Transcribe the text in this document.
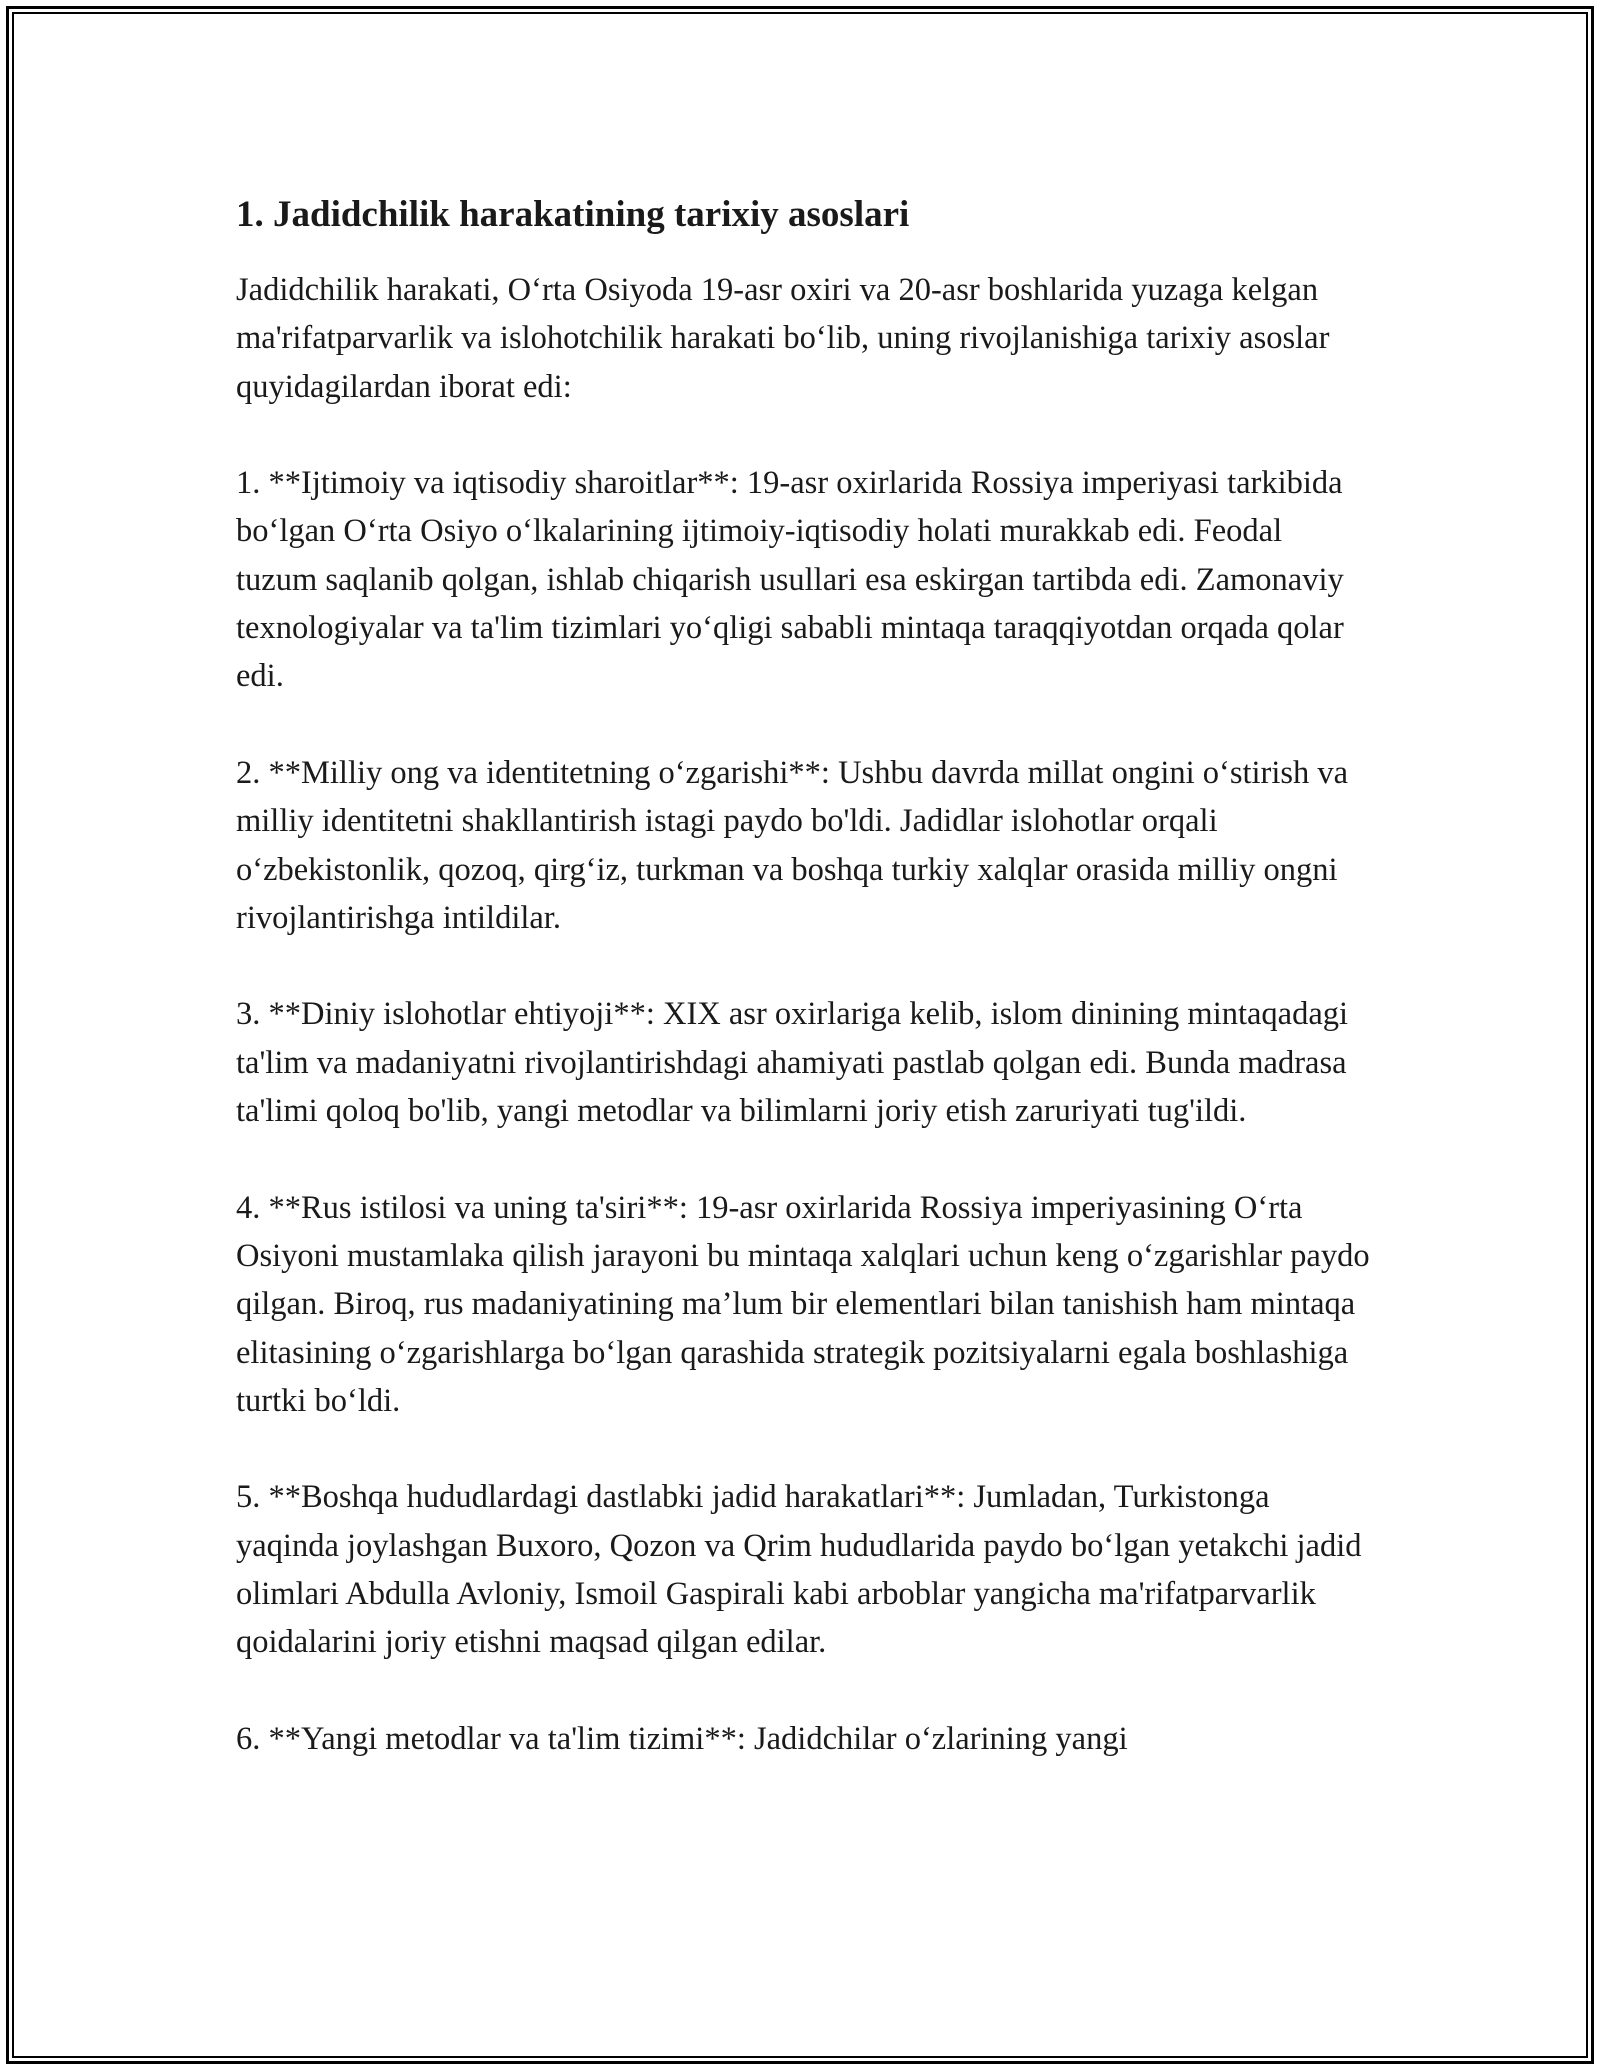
1. Jadidchilik harakatining tarixiy asoslari

Jadidchilik harakati, O‘rta Osiyoda 19-asr oxiri va 20-asr boshlarida yuzaga kelgan ma'rifatparvarlik va islohotchilik harakati bo‘lib, uning rivojlanishiga tarixiy asoslar quyidagilardan iborat edi:

1. **Ijtimoiy va iqtisodiy sharoitlar**: 19-asr oxirlarida Rossiya imperiyasi tarkibida bo‘lgan O‘rta Osiyo o‘lkalarining ijtimoiy-iqtisodiy holati murakkab edi. Feodal tuzum saqlanib qolgan, ishlab chiqarish usullari esa eskirgan tartibda edi. Zamonaviy texnologiyalar va ta'lim tizimlari yo‘qligi sababli mintaqa taraqqiyotdan orqada qolar edi.

2. **Milliy ong va identitetning o‘zgarishi**: Ushbu davrda millat ongini o‘stirish va milliy identitetni shakllantirish istagi paydo bo'ldi. Jadidlar islohotlar orqali o‘zbekistonlik, qozoq, qirg‘iz, turkman va boshqa turkiy xalqlar orasida milliy ongni rivojlantirishga intildilar.

3. **Diniy islohotlar ehtiyoji**: XIX asr oxirlariga kelib, islom dinining mintaqadagi ta'lim va madaniyatni rivojlantirishdagi ahamiyati pastlab qolgan edi. Bunda madrasa ta'limi qoloq bo'lib, yangi metodlar va bilimlarni joriy etish zaruriyati tug'ildi.

4. **Rus istilosi va uning ta'siri**: 19-asr oxirlarida Rossiya imperiyasining O‘rta Osiyoni mustamlaka qilish jarayoni bu mintaqa xalqlari uchun keng o‘zgarishlar paydo qilgan. Biroq, rus madaniyatining ma’lum bir elementlari bilan tanishish ham mintaqa elitasining o‘zgarishlarga bo‘lgan qarashida strategik pozitsiyalarni egala boshlashiga turtki bo‘ldi.

5. **Boshqa hududlardagi dastlabki jadid harakatlari**: Jumladan, Turkistonga yaqinda joylashgan Buxoro, Qozon va Qrim hududlarida paydo bo‘lgan yetakchi jadid olimlari Abdulla Avloniy, Ismoil Gaspirali kabi arboblar yangicha ma'rifatparvarlik qoidalarini joriy etishni maqsad qilgan edilar.

6. **Yangi metodlar va ta'lim tizimi**: Jadidchilar o‘zlarining yangi
